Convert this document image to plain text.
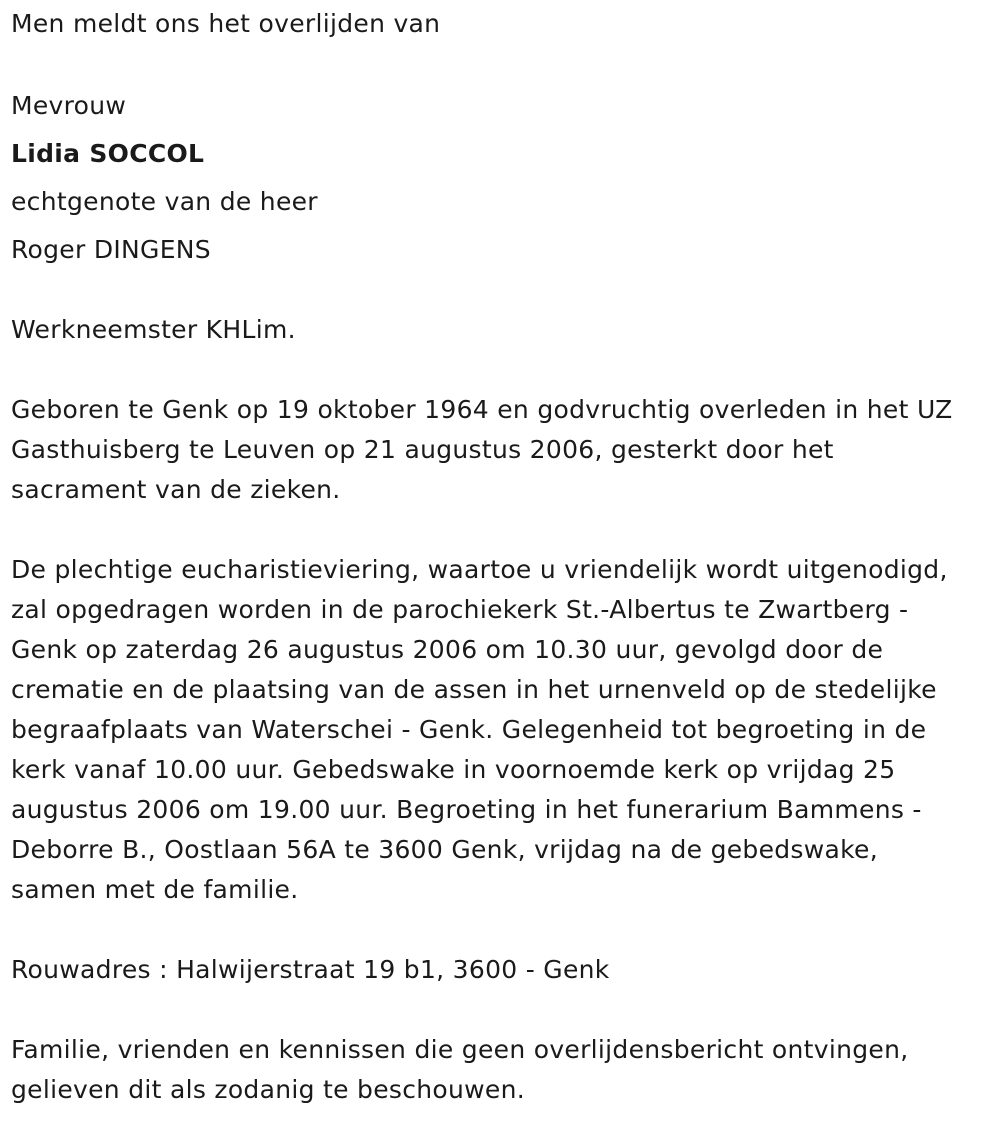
Men meldt ons het overlijden van
Mevrouw
Lidia SOCCOL
echtgenote van de heer
Roger DINGENS
Werkneemster KHLim.
Geboren te Genk op 19 oktober 1964 en godvruchtig overleden in het UZ
Gasthuisberg te Leuven op 21 augustus 2006, gesterkt door het
sacrament van de zieken.
De plechtige eucharistieviering, waartoe u vriendelijk wordt uitgenodigd,
zal opgedragen worden in de parochiekerk St.-Albertus te Zwartberg -
Genk op zaterdag 26 augustus 2006 om 10.30 uur, gevolgd door de
crematie en de plaatsing van de assen in het urnenveld op de stedelijke
begraafplaats van Waterschei - Genk. Gelegenheid tot begroeting in de
kerk vanaf 10.00 uur. Gebedswake in voornoemde kerk op vrijdag 25
augustus 2006 om 19.00 uur. Begroeting in het funerarium Bammens -
Deborre B., Oostlaan 56A te 3600 Genk, vrijdag na de gebedswake,
samen met de familie.
Rouwadres : Halwijerstraat 19 b1, 3600 - Genk
Familie, vrienden en kennissen die geen overlijdensbericht ontvingen,
gelieven dit als zodanig te beschouwen.
